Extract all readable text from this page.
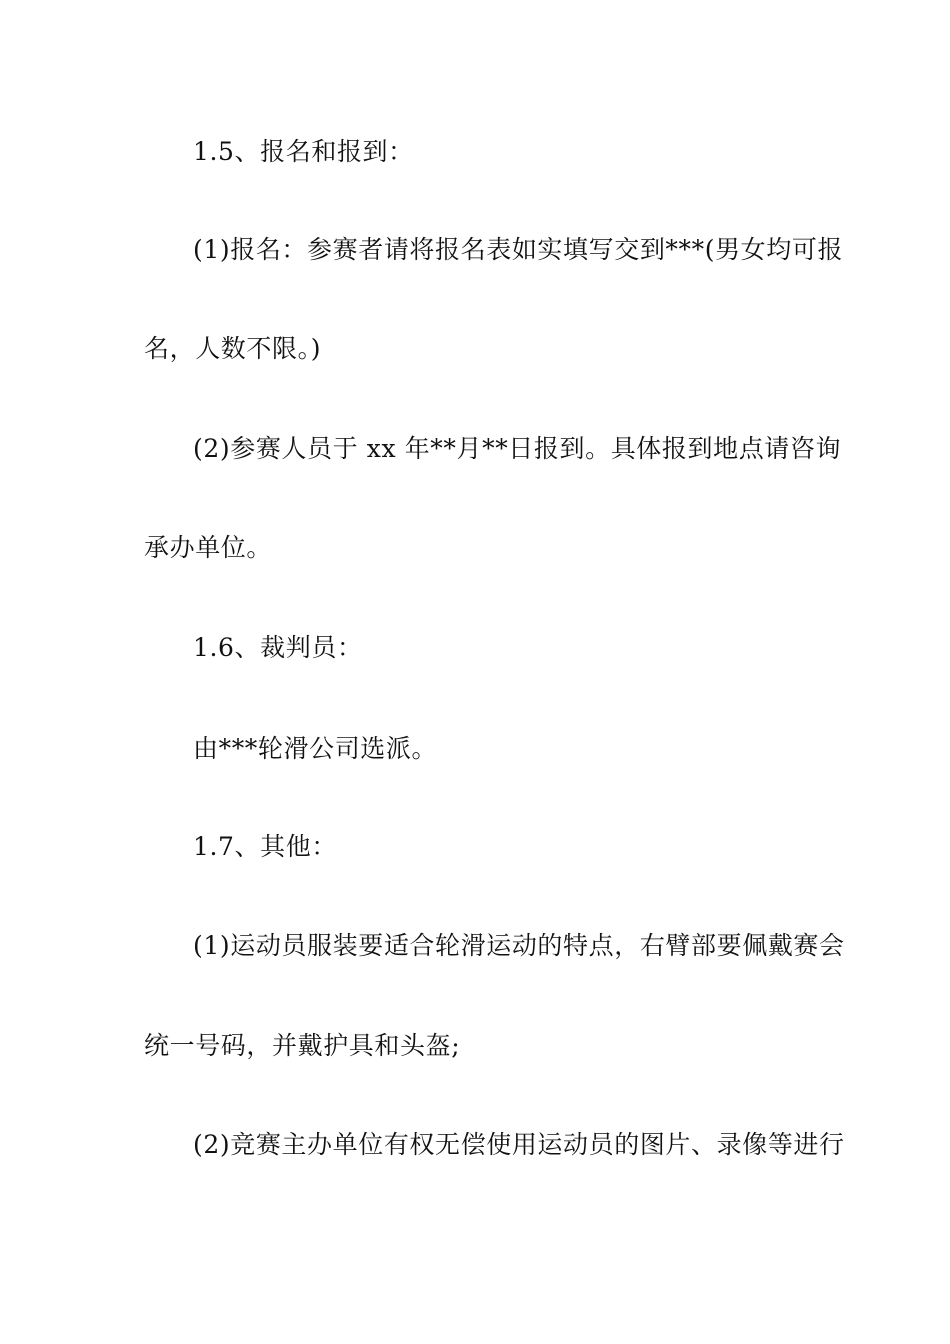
1.5、报名和报到：
(1)报名：参赛者请将报名表如实填写交到***(男女均可报
名，人数不限。)
(2)参赛人员于 xx 年**月**日报到。具体报到地点请咨询
承办单位。
1.6、裁判员：
由***轮滑公司选派。
1.7、其他：
(1)运动员服装要适合轮滑运动的特点，右臂部要佩戴赛会
统一号码，并戴护具和头盔;
(2)竞赛主办单位有权无偿使用运动员的图片、录像等进行
